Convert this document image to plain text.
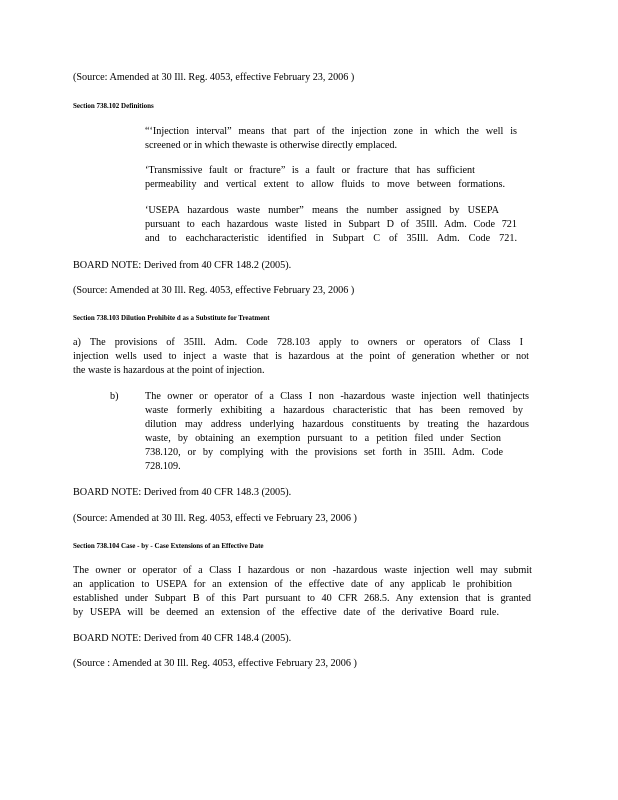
(Source: Amended at 30 Ill. Reg. 4053, effective February 23, 2006 )
Section 738.102 Definitions
“‘Injection interval” means that part of the injection zone in which the well is
screened or in which thewaste is otherwise directly emplaced.
‘Transmissive fault or fracture” is a fault or fracture that has sufficient
permeability and vertical extent to allow fluids to move between formations.
‘USEPA hazardous waste number” means the number assigned by USEPA
pursuant to each hazardous waste listed in Subpart D of 35Ill. Adm. Code 721
and to eachcharacteristic identified in Subpart C of 35Ill. Adm. Code 721.
BOARD NOTE: Derived from 40 CFR 148.2 (2005).
(Source: Amended at 30 Ill. Reg. 4053, effective February 23, 2006 )
Section 738.103 Dilution Prohibite d as a Substitute for Treatment
a) The provisions of 35Ill. Adm. Code 728.103 apply to owners or operators of Class I
injection wells used to inject a waste that is hazardous at the point of generation whether or not
the waste is hazardous at the point of injection.
b)	The owner or operator of a Class I non -hazardous waste injection well thatinjects
waste formerly exhibiting a hazardous characteristic that has been removed by
dilution may address underlying hazardous constituents by treating the hazardous
waste, by obtaining an exemption pursuant to a petition filed under Section
738.120, or by complying with the provisions set forth in 35Ill. Adm. Code
728.109.
BOARD NOTE: Derived from 40 CFR 148.3 (2005).
(Source: Amended at 30 Ill. Reg. 4053, effecti ve February 23, 2006 )
Section 738.104 Case - by - Case Extensions of an Effective Date
The owner or operator of a Class I hazardous or non -hazardous waste injection well may submit
an application to USEPA for an extension of the effective date of any applicab le prohibition
established under Subpart B of this Part pursuant to 40 CFR 268.5. Any extension that is granted
by USEPA will be deemed an extension of the effective date of the derivative Board rule.
BOARD NOTE: Derived from 40 CFR 148.4 (2005).
(Source : Amended at 30 Ill. Reg. 4053, effective February 23, 2006 )
